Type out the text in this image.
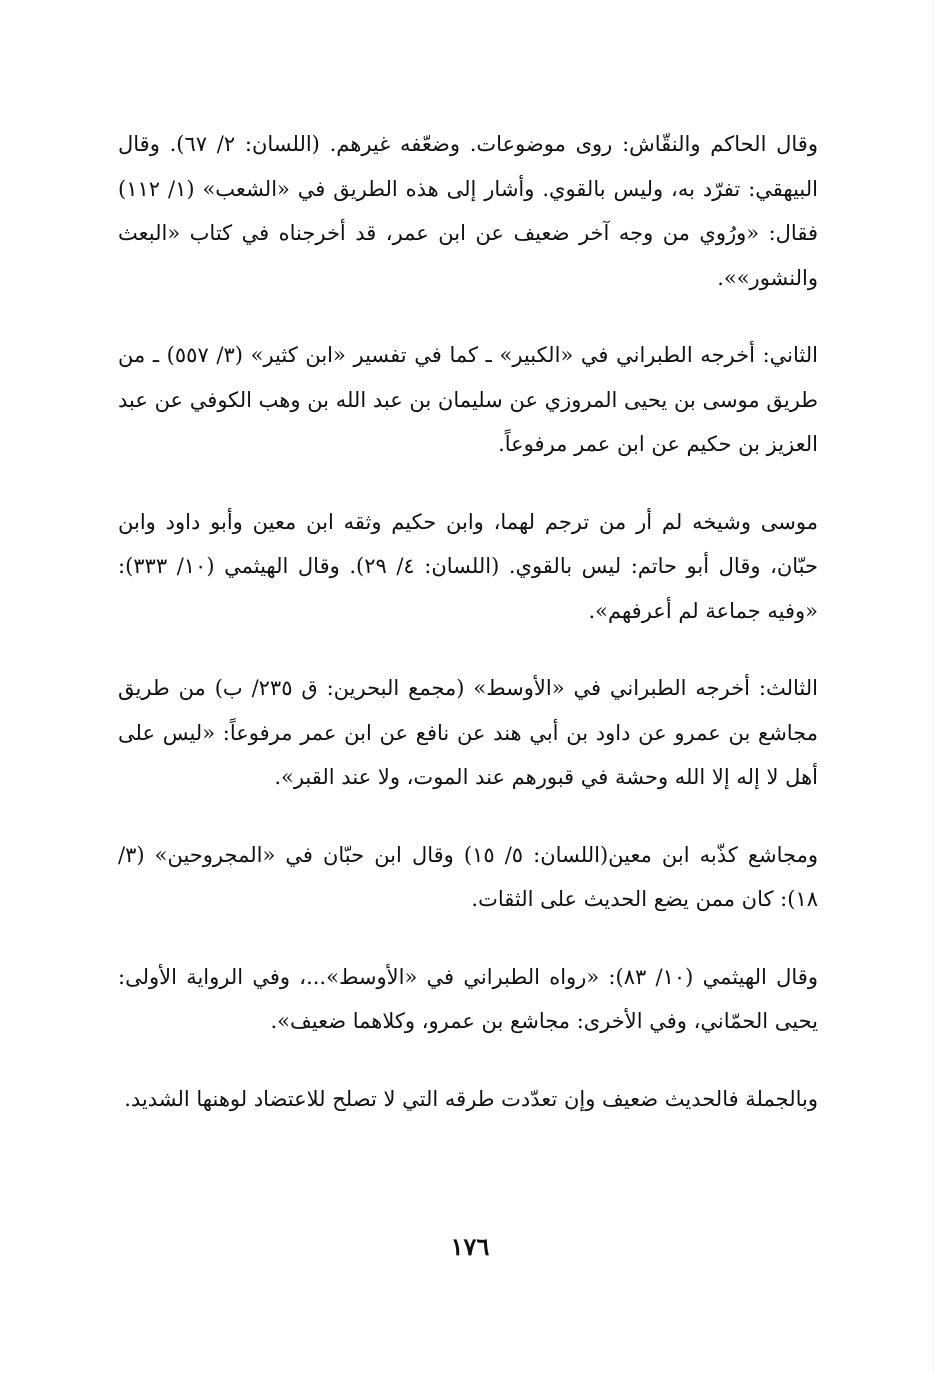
وقال الحاكم والنقّاش: روى موضوعات. وضعّفه غيرهم. (اللسان: ٢/ ٦٧). وقال البيهقي: تفرّد به، وليس بالقوي. وأشار إلى هذه الطريق في «الشعب» (١/ ١١٢) فقال: «ورُوي من وجه آخر ضعيف عن ابن عمر، قد أخرجناه في كتاب «البعث والنشور»».

الثاني: أخرجه الطبراني في «الكبير» ـ كما في تفسير «ابن كثير» (٣/ ٥٥٧) ـ من طريق موسى بن يحيى المروزي عن سليمان بن عبد الله بن وهب الكوفي عن عبد العزيز بن حكيم عن ابن عمر مرفوعاً.

موسى وشيخه لم أر من ترجم لهما، وابن حكيم وثقه ابن معين وأبو داود وابن حبّان، وقال أبو حاتم: ليس بالقوي. (اللسان: ٤/ ٢٩). وقال الهيثمي (١٠/ ٣٣٣): «وفيه جماعة لم أعرفهم».

الثالث: أخرجه الطبراني في «الأوسط» (مجمع البحرين: ق ٢٣٥/ ب) من طريق مجاشع بن عمرو عن داود بن أبي هند عن نافع عن ابن عمر مرفوعاً: «ليس على أهل لا إله إلا الله وحشة في قبورهم عند الموت، ولا عند القبر».

ومجاشع كذّبه ابن معين(اللسان: ٥/ ١٥) وقال ابن حبّان في «المجروحين» (٣/ ١٨): كان ممن يضع الحديث على الثقات.

وقال الهيثمي (١٠/ ٨٣): «رواه الطبراني في «الأوسط»...، وفي الرواية الأولى: يحيى الحمّاني، وفي الأخرى: مجاشع بن عمرو، وكلاهما ضعيف».

وبالجملة فالحديث ضعيف وإن تعدّدت طرقه التي لا تصلح للاعتضاد لوهنها الشديد.

١٧٦
